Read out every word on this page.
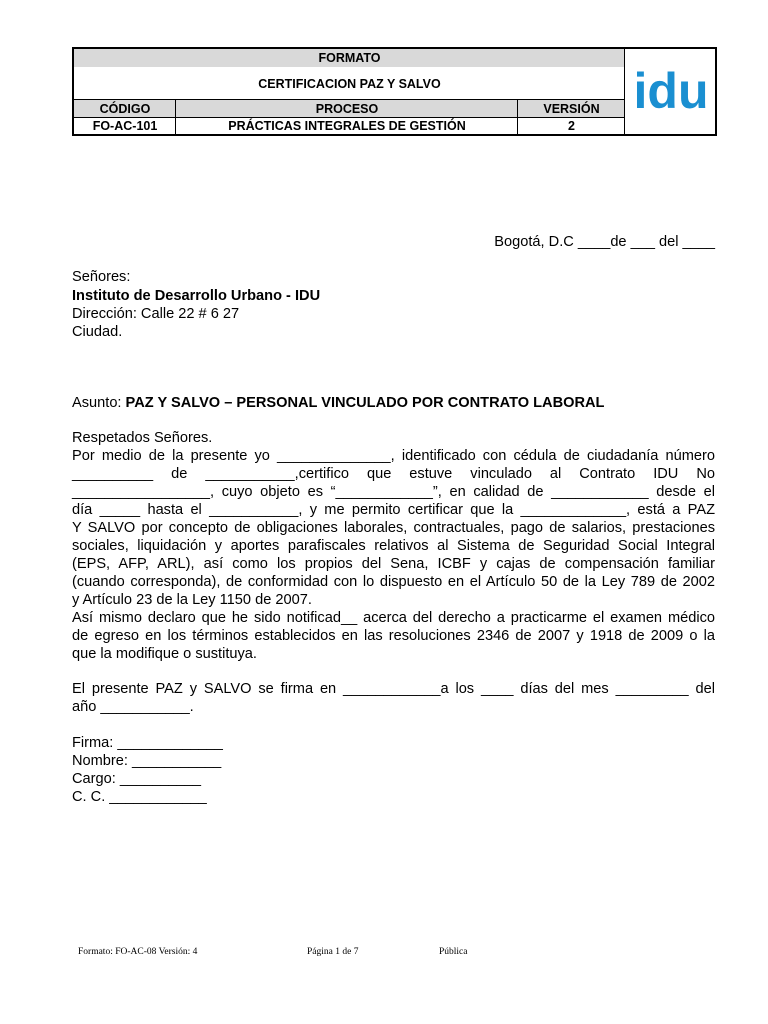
FORMATO
CERTIFICACION PAZ Y SALVO
CÓDIGO	PROCESO	VERSIÓN
FO-AC-101	PRÁCTICAS INTEGRALES DE GESTIÓN	2
idu
Bogotá, D.C ____de ___ del ____
Señores:
Instituto de Desarrollo Urbano - IDU
Dirección: Calle 22 # 6 27
Ciudad.
Asunto: PAZ Y SALVO – PERSONAL VINCULADO POR CONTRATO LABORAL
Respetados Señores.
Por medio de la presente yo ______________, identificado con cédula de ciudadanía número
__________ de ___________,certifico que estuve vinculado al Contrato IDU No
_________________, cuyo objeto es “____________”, en calidad de ____________ desde el
día _____ hasta el ___________, y me permito certificar que la _____________, está a PAZ
Y SALVO por concepto de obligaciones laborales, contractuales, pago de salarios, prestaciones
sociales, liquidación y aportes parafiscales relativos al Sistema de Seguridad Social Integral
(EPS, AFP, ARL), así como los propios del Sena, ICBF y cajas de compensación familiar
(cuando corresponda), de conformidad con lo dispuesto en el Artículo 50 de la Ley 789 de 2002
y Artículo 23 de la Ley 1150 de 2007.
Así mismo declaro que he sido notificad__ acerca del derecho a practicarme el examen médico
de egreso en los términos establecidos en las resoluciones 2346 de 2007 y 1918 de 2009 o la
que la modifique o sustituya.
El presente PAZ y SALVO se firma en ____________a los ____ días del mes _________ del
año ___________.
Firma: _____________
Nombre: ___________
Cargo: __________
C. C. ____________
Formato: FO-AC-08 Versión: 4	Página 1 de 7	Pública
